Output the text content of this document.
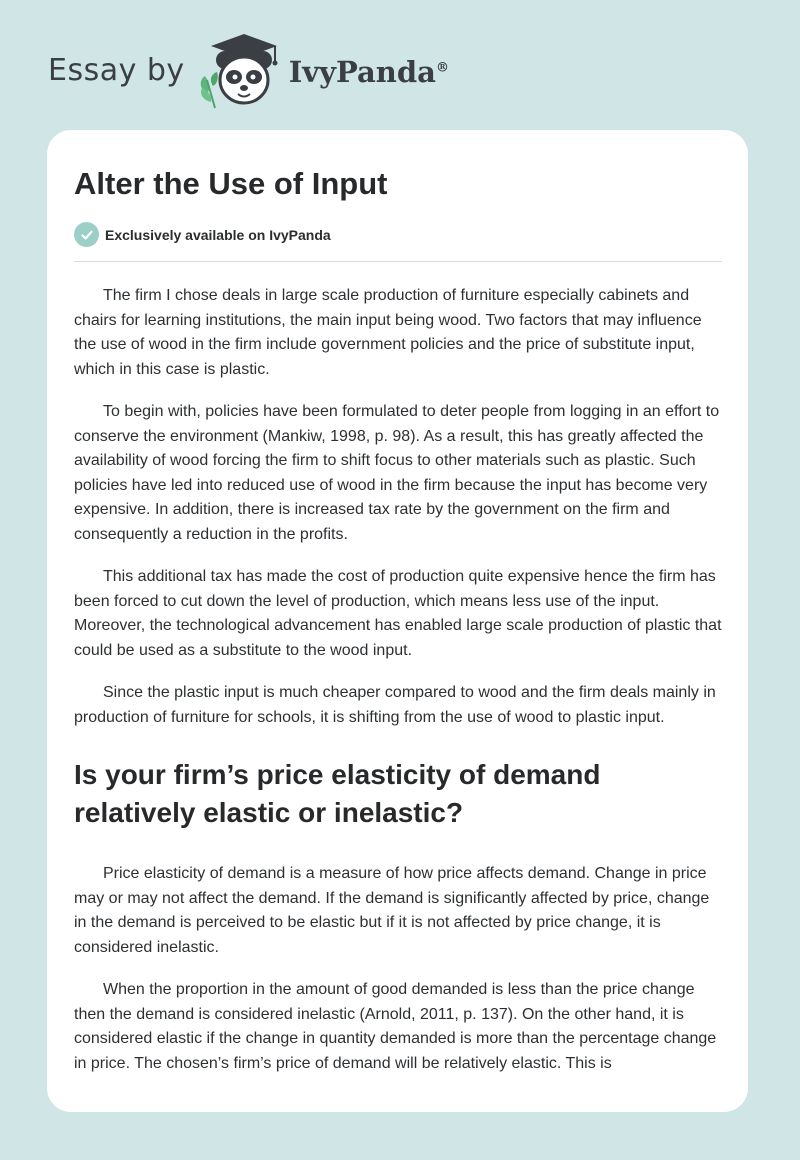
Essay by	IvyPanda®
Alter the Use of Input
Exclusively available on IvyPanda

The firm I chose deals in large scale production of furniture especially cabinets and chairs for learning institutions, the main input being wood. Two factors that may influence the use of wood in the firm include government policies and the price of substitute input, which in this case is plastic.

To begin with, policies have been formulated to deter people from logging in an effort to conserve the environment (Mankiw, 1998, p. 98). As a result, this has greatly affected the availability of wood forcing the firm to shift focus to other materials such as plastic. Such policies have led into reduced use of wood in the firm because the input has become very expensive. In addition, there is increased tax rate by the government on the firm and consequently a reduction in the profits.

This additional tax has made the cost of production quite expensive hence the firm has been forced to cut down the level of production, which means less use of the input. Moreover, the technological advancement has enabled large scale production of plastic that could be used as a substitute to the wood input.

Since the plastic input is much cheaper compared to wood and the firm deals mainly in production of furniture for schools, it is shifting from the use of wood to plastic input.

Is your firm’s price elasticity of demand relatively elastic or inelastic?

Price elasticity of demand is a measure of how price affects demand. Change in price may or may not affect the demand. If the demand is significantly affected by price, change in the demand is perceived to be elastic but if it is not affected by price change, it is considered inelastic.

When the proportion in the amount of good demanded is less than the price change then the demand is considered inelastic (Arnold, 2011, p. 137). On the other hand, it is considered elastic if the change in quantity demanded is more than the percentage change in price. The chosen’s firm’s price of demand will be relatively elastic. This is
